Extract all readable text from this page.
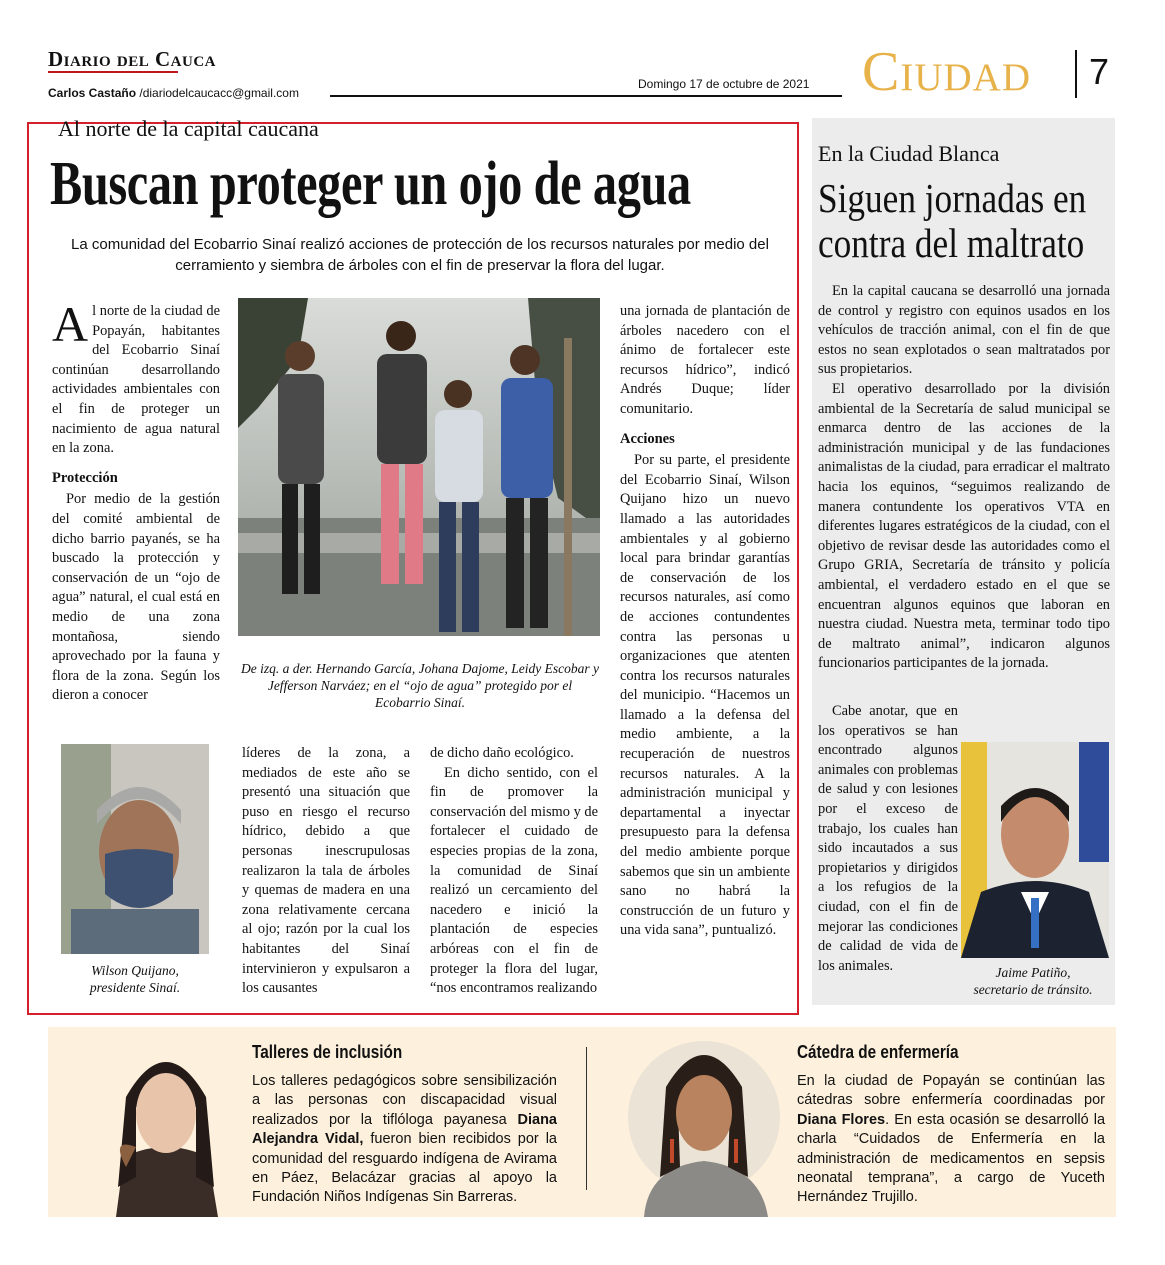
Diario del Cauca
Carlos Castaño /diariodelcaucacc@gmail.com
Domingo 17 de octubre de 2021 Ciudad 7
Al norte de la capital caucana
Buscan proteger un ojo de agua
La comunidad del Ecobarrio Sinaí realizó acciones de protección de los recursos naturales por medio del cerramiento y siembra de árboles con el fin de preservar la flora del lugar.

Al norte de la ciudad de Popayán, habitantes del Ecobarrio Sinaí continúan desarrollando actividades ambientales con el fin de proteger un nacimiento de agua natural en la zona.

Protección

Por medio de la gestión del comité ambiental de dicho barrio payanés, se ha buscado la protección y conservación de un “ojo de agua” natural, el cual está en medio de una zona montañosa, siendo aprovechado por la fauna y flora de la zona. Según los dieron a conocer

De izq. a der. Hernando García, Johana Dajome, Leidy Escobar y Jefferson Narváez; en el “ojo de agua” protegido por el Ecobarrio Sinaí.

una jornada de plantación de árboles nacedero con el ánimo de fortalecer este recursos hídrico”, indicó Andrés Duque; líder comunitario.

Acciones

Por su parte, el presidente del Ecobarrio Sinaí, Wilson Quijano hizo un nuevo llamado a las autoridades ambientales y al gobierno local para brindar garantías de conservación de los recursos naturales, así como de acciones contundentes contra las personas u organizaciones que atenten contra los recursos naturales del municipio. “Hacemos un llamado a la defensa del medio ambiente, a la recuperación de nuestros recursos naturales. A la administración municipal y departamental a inyectar presupuesto para la defensa del medio ambiente porque sabemos que sin un ambiente sano no habrá la construcción de un futuro y una vida sana”, puntualizó.

Wilson Quijano,
presidente Sinaí.

líderes de la zona, a mediados de este año se presentó una situación que puso en riesgo el recurso hídrico, debido a que personas inescrupulosas realizaron la tala de árboles y quemas de madera en una zona relativamente cercana al ojo; razón por la cual los habitantes del Sinaí intervinieron y expulsaron a los causantes

de dicho daño ecológico.

En dicho sentido, con el fin de promover la conservación del mismo y de fortalecer el cuidado de especies propias de la zona, la comunidad de Sinaí realizó un cercamiento del nacedero e inició la plantación de especies arbóreas con el fin de proteger la flora del lugar, “nos encontramos realizando

En la Ciudad Blanca
Siguen jornadas en
contra del maltrato

En la capital caucana se desarrolló una jornada de control y registro con equinos usados en los vehículos de tracción animal, con el fin de que estos no sean explotados o sean maltratados por sus propietarios.

El operativo desarrollado por la división ambiental de la Secretaría de salud municipal se enmarca dentro de las acciones de la administración municipal y de las fundaciones animalistas de la ciudad, para erradicar el maltrato hacia los equinos, “seguimos realizando de manera contundente los operativos VTA en diferentes lugares estratégicos de la ciudad, con el objetivo de revisar desde las autoridades como el Grupo GRIA, Secretaría de tránsito y policía ambiental, el verdadero estado en el que se encuentran algunos equinos que laboran en nuestra ciudad. Nuestra meta, terminar todo tipo de maltrato animal”, indicaron algunos funcionarios participantes de la jornada.

Cabe anotar, que en los operativos se han encontrado algunos animales con problemas de salud y con lesiones por el exceso de trabajo, los cuales han sido incautados a sus propietarios y dirigidos a los refugios de la ciudad, con el fin de mejorar las condiciones de calidad de vida de los animales.	Jaime Patiño,
secretario de tránsito.
Talleres de inclusión
Los talleres pedagógicos sobre sensibilización a las personas con discapacidad visual realizados por la tiflóloga payanesa Diana Alejandra Vidal, fueron bien recibidos por la comunidad del resguardo indígena de Avirama en Páez, Belacázar gracias al apoyo la Fundación Niños Indígenas Sin Barreras.
Cátedra de enfermería
En la ciudad de Popayán se continúan las cátedras sobre enfermería coordinadas por Diana Flores. En esta ocasión se desarrolló la charla “Cuidados de Enfermería en la administración de medicamentos en sepsis neonatal temprana”, a cargo de Yuceth Hernández Trujillo.
